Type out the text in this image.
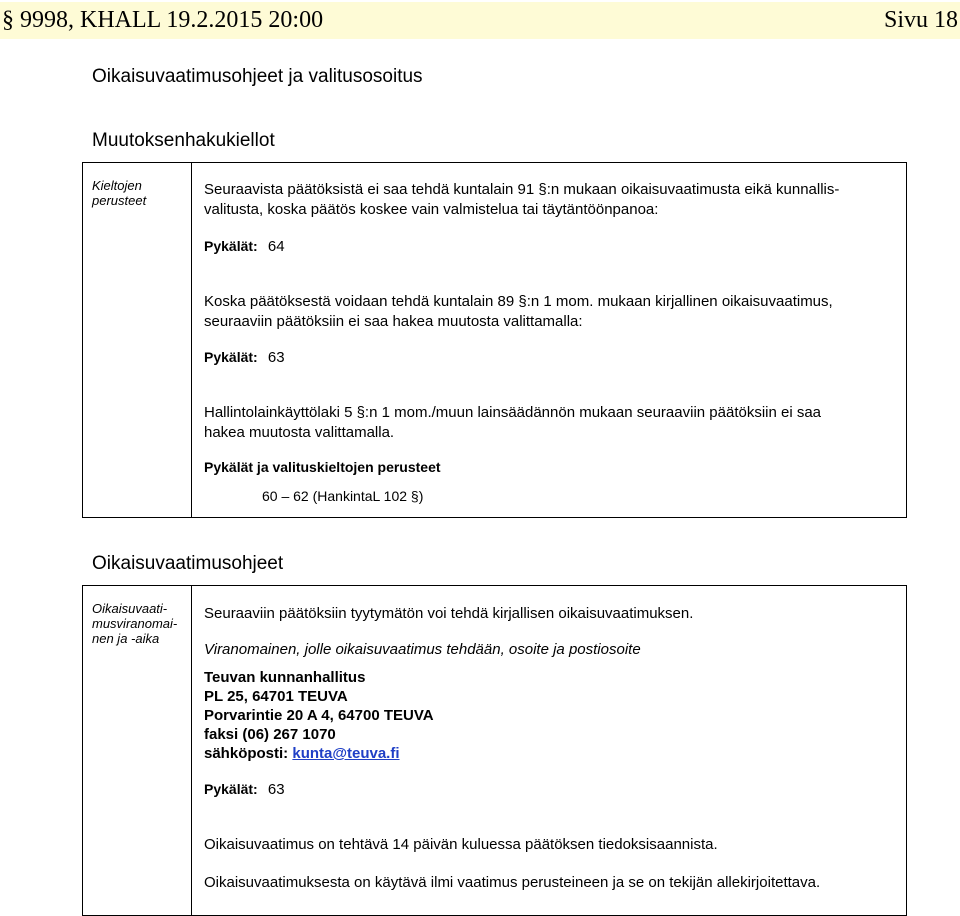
§ 9998, KHALL 19.2.2015 20:00	Sivu 18
Oikaisuvaatimusohjeet ja valitusosoitus
Muutoksenhakukiellot
Kieltojen
perusteet
Seuraavista päätöksistä ei saa tehdä kuntalain 91 §:n mukaan oikaisuvaatimusta eikä kunnallis-
valitusta, koska päätös koskee vain valmistelua tai täytäntöönpanoa:
Pykälät: 64
Koska päätöksestä voidaan tehdä kuntalain 89 §:n 1 mom. mukaan kirjallinen oikaisuvaatimus,
seuraaviin päätöksiin ei saa hakea muutosta valittamalla:
Pykälät: 63
Hallintolainkäyttölaki 5 §:n 1 mom./muun lainsäädännön mukaan seuraaviin päätöksiin ei saa
hakea muutosta valittamalla.
Pykälät ja valituskieltojen perusteet
60 – 62 (HankintaL 102 §)
Oikaisuvaatimusohjeet
Oikaisuvaati-
musviranomai-
nen ja -aika
Seuraaviin päätöksiin tyytymätön voi tehdä kirjallisen oikaisuvaatimuksen.
Viranomainen, jolle oikaisuvaatimus tehdään, osoite ja postiosoite
Teuvan kunnanhallitus
PL 25, 64701 TEUVA
Porvarintie 20 A 4, 64700 TEUVA
faksi (06) 267 1070
sähköposti: kunta@teuva.fi
Pykälät: 63
Oikaisuvaatimus on tehtävä 14 päivän kuluessa päätöksen tiedoksisaannista.
Oikaisuvaatimuksesta on käytävä ilmi vaatimus perusteineen ja se on tekijän allekirjoitettava.
